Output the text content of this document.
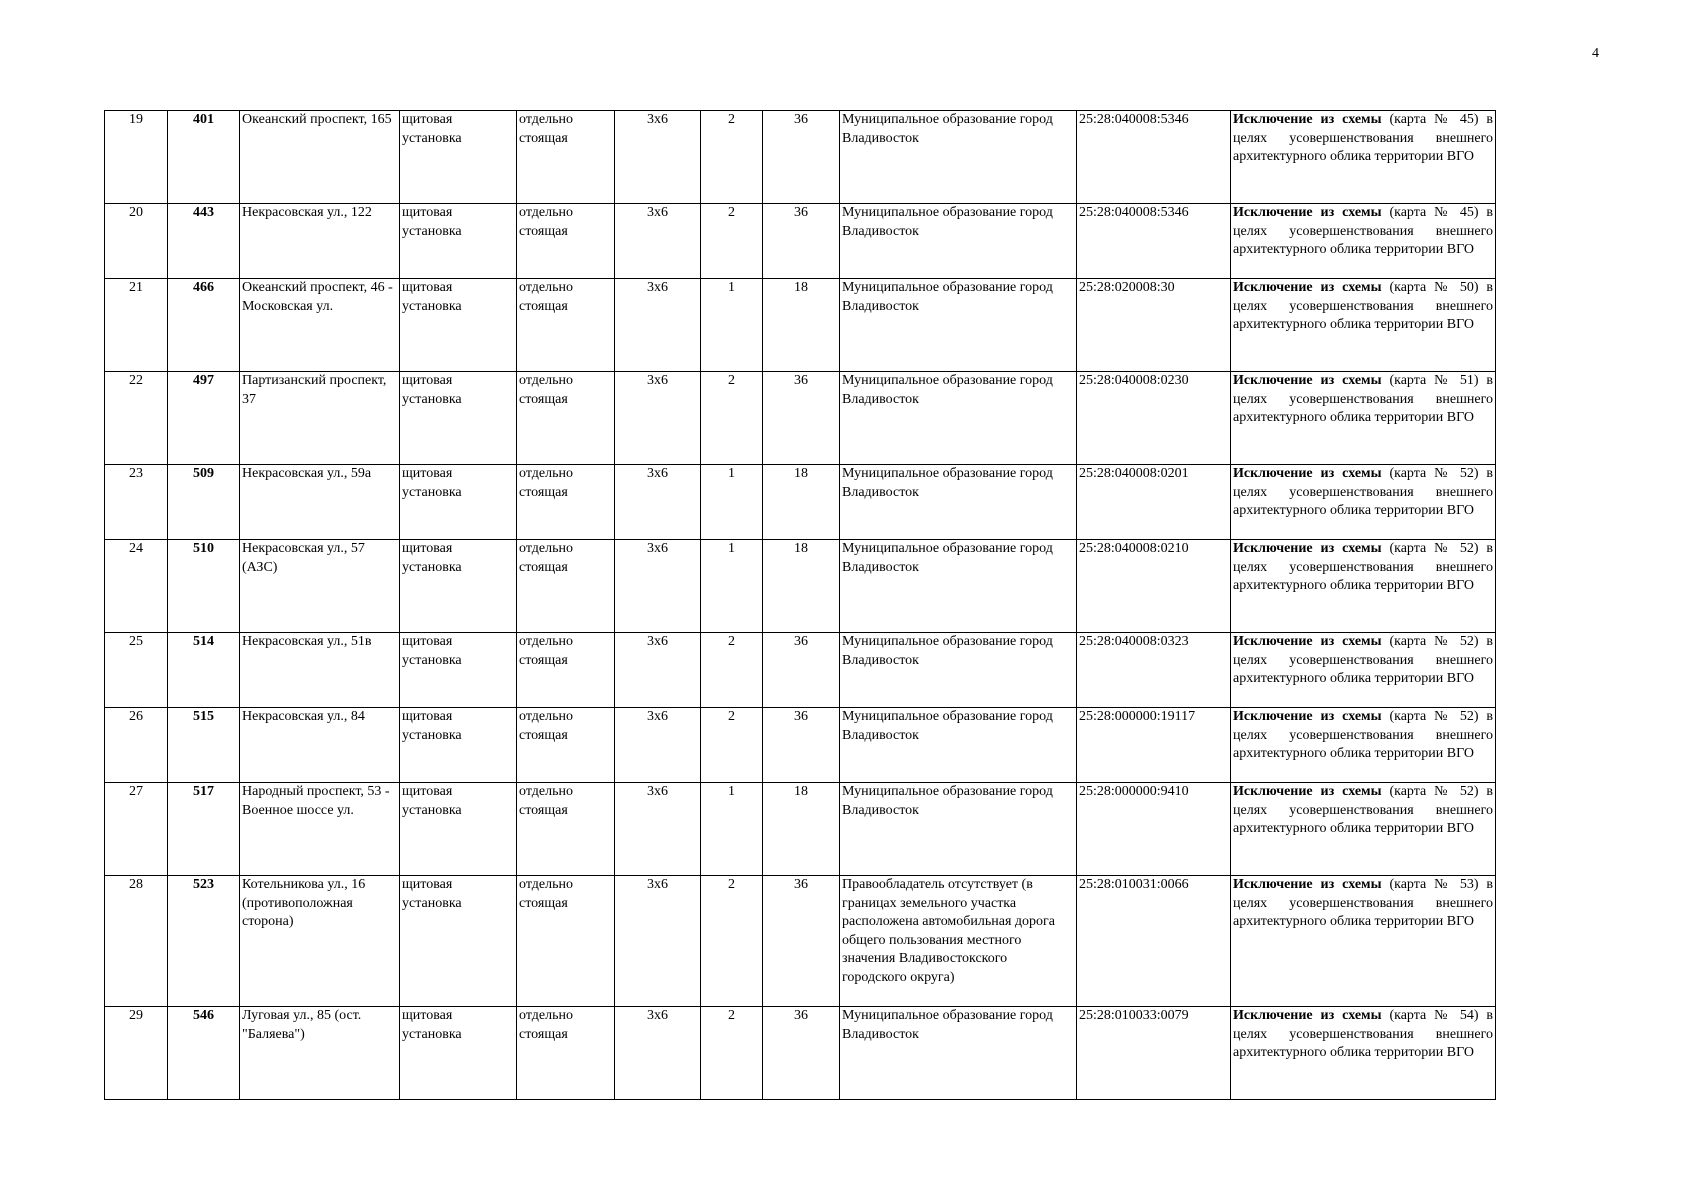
4
19	401	Океанский проспект, 165	щитовая установка	отдельно стоящая	3х6	2	36	Муниципальное образование город Владивосток	25:28:040008:5346	Исключение из схемы (карта № 45) в целях усовершенствования внешнего архитектурного облика территории ВГО
20	443	Некрасовская ул., 122	щитовая установка	отдельно стоящая	3х6	2	36	Муниципальное образование город Владивосток	25:28:040008:5346	Исключение из схемы (карта № 45) в целях усовершенствования внешнего архитектурного облика территории ВГО
21	466	Океанский проспект, 46 - Московская ул.	щитовая установка	отдельно стоящая	3х6	1	18	Муниципальное образование город Владивосток	25:28:020008:30	Исключение из схемы (карта № 50) в целях усовершенствования внешнего архитектурного облика территории ВГО
22	497	Партизанский проспект, 37	щитовая установка	отдельно стоящая	3х6	2	36	Муниципальное образование город Владивосток	25:28:040008:0230	Исключение из схемы (карта № 51) в целях усовершенствования внешнего архитектурного облика территории ВГО
23	509	Некрасовская ул., 59а	щитовая установка	отдельно стоящая	3х6	1	18	Муниципальное образование город Владивосток	25:28:040008:0201	Исключение из схемы (карта № 52) в целях усовершенствования внешнего архитектурного облика территории ВГО
24	510	Некрасовская ул., 57 (АЗС)	щитовая установка	отдельно стоящая	3х6	1	18	Муниципальное образование город Владивосток	25:28:040008:0210	Исключение из схемы (карта № 52) в целях усовершенствования внешнего архитектурного облика территории ВГО
25	514	Некрасовская ул., 51в	щитовая установка	отдельно стоящая	3х6	2	36	Муниципальное образование город Владивосток	25:28:040008:0323	Исключение из схемы (карта № 52) в целях усовершенствования внешнего архитектурного облика территории ВГО
26	515	Некрасовская ул., 84	щитовая установка	отдельно стоящая	3х6	2	36	Муниципальное образование город Владивосток	25:28:000000:19117	Исключение из схемы (карта № 52) в целях усовершенствования внешнего архитектурного облика территории ВГО
27	517	Народный проспект, 53 - Военное шоссе ул.	щитовая установка	отдельно стоящая	3х6	1	18	Муниципальное образование город Владивосток	25:28:000000:9410	Исключение из схемы (карта № 52) в целях усовершенствования внешнего архитектурного облика территории ВГО
28	523	Котельникова ул., 16 (противоположная сторона)	щитовая установка	отдельно стоящая	3х6	2	36	Правообладатель отсутствует (в границах земельного участка расположена автомобильная дорога общего пользования местного значения Владивостокского городского округа)	25:28:010031:0066	Исключение из схемы (карта № 53) в целях усовершенствования внешнего архитектурного облика территории ВГО
29	546	Луговая ул., 85 (ост. "Баляева")	щитовая установка	отдельно стоящая	3х6	2	36	Муниципальное образование город Владивосток	25:28:010033:0079	Исключение из схемы (карта № 54) в целях усовершенствования внешнего архитектурного облика территории ВГО
